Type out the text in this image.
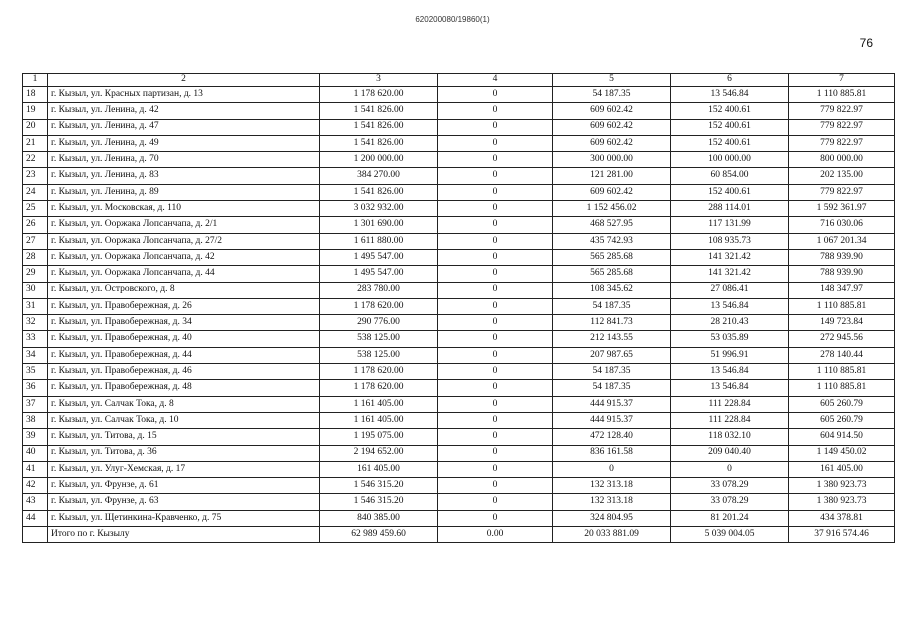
620200080/19860(1)
76
1	2	3	4	5	6	7
18	г. Кызыл, ул. Красных партизан, д. 13	1 178 620.00	0	54 187.35	13 546.84	1 110 885.81
19	г. Кызыл, ул. Ленина, д. 42	1 541 826.00	0	609 602.42	152 400.61	779 822.97
20	г. Кызыл, ул. Ленина, д. 47	1 541 826.00	0	609 602.42	152 400.61	779 822.97
21	г. Кызыл, ул. Ленина, д. 49	1 541 826.00	0	609 602.42	152 400.61	779 822.97
22	г. Кызыл, ул. Ленина, д. 70	1 200 000.00	0	300 000.00	100 000.00	800 000.00
23	г. Кызыл, ул. Ленина, д. 83	384 270.00	0	121 281.00	60 854.00	202 135.00
24	г. Кызыл, ул. Ленина, д. 89	1 541 826.00	0	609 602.42	152 400.61	779 822.97
25	г. Кызыл, ул. Московская, д. 110	3 032 932.00	0	1 152 456.02	288 114.01	1 592 361.97
26	г. Кызыл, ул. Ооржака Лопсанчапа, д. 2/1	1 301 690.00	0	468 527.95	117 131.99	716 030.06
27	г. Кызыл, ул. Ооржака Лопсанчапа, д. 27/2	1 611 880.00	0	435 742.93	108 935.73	1 067 201.34
28	г. Кызыл, ул. Ооржака Лопсанчапа, д. 42	1 495 547.00	0	565 285.68	141 321.42	788 939.90
29	г. Кызыл, ул. Ооржака Лопсанчапа, д. 44	1 495 547.00	0	565 285.68	141 321.42	788 939.90
30	г. Кызыл, ул. Островского, д. 8	283 780.00	0	108 345.62	27 086.41	148 347.97
31	г. Кызыл, ул. Правобережная, д. 26	1 178 620.00	0	54 187.35	13 546.84	1 110 885.81
32	г. Кызыл, ул. Правобережная, д. 34	290 776.00	0	112 841.73	28 210.43	149 723.84
33	г. Кызыл, ул. Правобережная, д. 40	538 125.00	0	212 143.55	53 035.89	272 945.56
34	г. Кызыл, ул. Правобережная, д. 44	538 125.00	0	207 987.65	51 996.91	278 140.44
35	г. Кызыл, ул. Правобережная, д. 46	1 178 620.00	0	54 187.35	13 546.84	1 110 885.81
36	г. Кызыл, ул. Правобережная, д. 48	1 178 620.00	0	54 187.35	13 546.84	1 110 885.81
37	г. Кызыл, ул. Салчак Тока, д. 8	1 161 405.00	0	444 915.37	111 228.84	605 260.79
38	г. Кызыл, ул. Салчак Тока, д. 10	1 161 405.00	0	444 915.37	111 228.84	605 260.79
39	г. Кызыл, ул. Титова, д. 15	1 195 075.00	0	472 128.40	118 032.10	604 914.50
40	г. Кызыл, ул. Титова, д. 36	2 194 652.00	0	836 161.58	209 040.40	1 149 450.02
41	г. Кызыл, ул. Улуг-Хемская, д. 17	161 405.00	0	0	0	161 405.00
42	г. Кызыл, ул. Фрунзе, д. 61	1 546 315.20	0	132 313.18	33 078.29	1 380 923.73
43	г. Кызыл, ул. Фрунзе, д. 63	1 546 315.20	0	132 313.18	33 078.29	1 380 923.73
44	г. Кызыл, ул. Щетинкина-Кравченко, д. 75	840 385.00	0	324 804.95	81 201.24	434 378.81
	Итого по г. Кызылу	62 989 459.60	0.00	20 033 881.09	5 039 004.05	37 916 574.46
